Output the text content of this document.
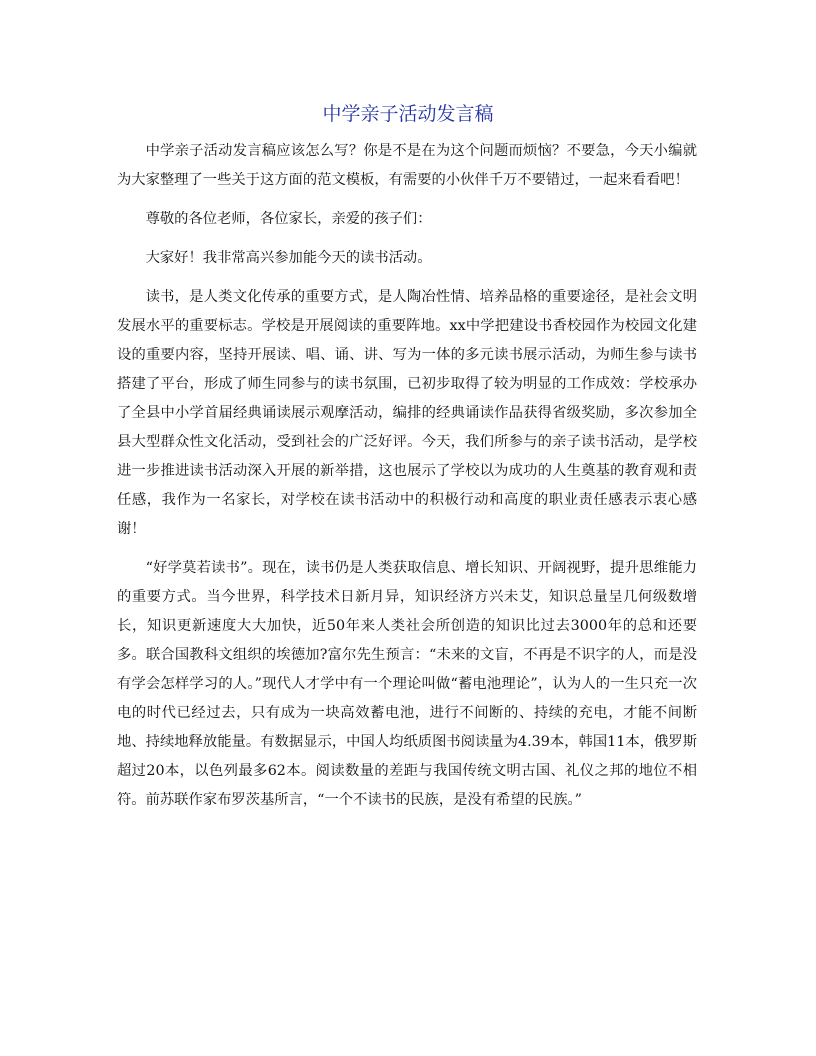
中学亲子活动发言稿

中学亲子活动发言稿应该怎么写？你是不是在为这个问题而烦恼？不要急，今天小编就为大家整理了一些关于这方面的范文模板，有需要的小伙伴千万不要错过，一起来看看吧！

尊敬的各位老师，各位家长，亲爱的孩子们：

大家好！我非常高兴参加能今天的读书活动。

读书，是人类文化传承的重要方式，是人陶冶性情、培养品格的重要途径，是社会文明发展水平的重要标志。学校是开展阅读的重要阵地。xx中学把建设书香校园作为校园文化建设的重要内容，坚持开展读、唱、诵、讲、写为一体的多元读书展示活动，为师生参与读书搭建了平台，形成了师生同参与的读书氛围，已初步取得了较为明显的工作成效：学校承办了全县中小学首届经典诵读展示观摩活动，编排的经典诵读作品获得省级奖励，多次参加全县大型群众性文化活动，受到社会的广泛好评。今天，我们所参与的亲子读书活动，是学校进一步推进读书活动深入开展的新举措，这也展示了学校以为成功的人生奠基的教育观和责任感，我作为一名家长，对学校在读书活动中的积极行动和高度的职业责任感表示衷心感谢！

“好学莫若读书”。现在，读书仍是人类获取信息、增长知识、开阔视野，提升思维能力的重要方式。当今世界，科学技术日新月异，知识经济方兴未艾，知识总量呈几何级数增长，知识更新速度大大加快，近50年来人类社会所创造的知识比过去3000年的总和还要多。联合国教科文组织的埃德加?富尔先生预言：“未来的文盲，不再是不识字的人，而是没有学会怎样学习的人。”现代人才学中有一个理论叫做“蓄电池理论”，认为人的一生只充一次电的时代已经过去，只有成为一块高效蓄电池，进行不间断的、持续的充电，才能不间断地、持续地释放能量。有数据显示，中国人均纸质图书阅读量为4.39本，韩国11本，俄罗斯超过20本，以色列最多62本。阅读数量的差距与我国传统文明古国、礼仪之邦的地位不相符。前苏联作家布罗茨基所言，“一个不读书的民族，是没有希望的民族。”
